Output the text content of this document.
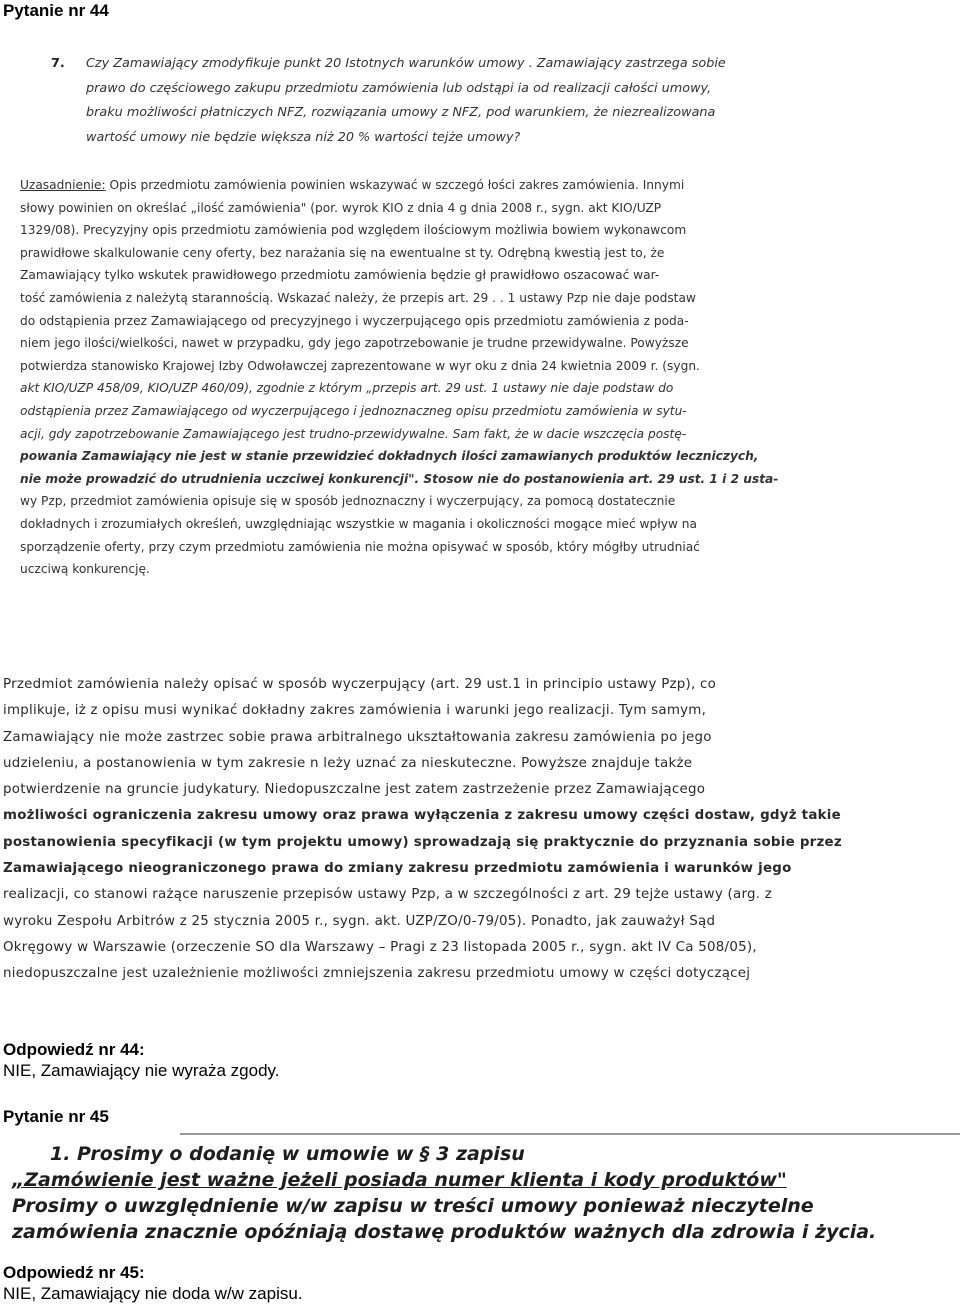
Pytanie nr 44
7.	Czy Zamawiający zmodyfikuje punkt 20 Istotnych warunków umowy . Zamawiający zastrzega sobie

prawo do częściowego zakupu przedmiotu zamówienia lub odstąpi ia od realizacji całości umowy,

braku możliwości płatniczych NFZ, rozwiązania umowy z NFZ, pod warunkiem, że niezrealizowana

wartość umowy nie będzie większa niż 20 % wartości tejże umowy?

Uzasadnienie: Opis przedmiotu zamówienia powinien wskazywać w szczegó łości zakres zamówienia. Innymi

słowy powinien on określać „ilość zamówienia" (por. wyrok KIO z dnia 4 g dnia 2008 r., sygn. akt KIO/UZP

1329/08). Precyzyjny opis przedmiotu zamówienia pod względem ilościowym możliwia bowiem wykonawcom

prawidłowe skalkulowanie ceny oferty, bez narażania się na ewentualne st ty. Odrębną kwestią jest to, że

Zamawiający tylko wskutek prawidłowego przedmiotu zamówienia będzie gł prawidłowo oszacować war-

tość zamówienia z należytą starannością. Wskazać należy, że przepis art. 29 . . 1 ustawy Pzp nie daje podstaw

do odstąpienia przez Zamawiającego od precyzyjnego i wyczerpującego opis przedmiotu zamówienia z poda-

niem jego ilości/wielkości, nawet w przypadku, gdy jego zapotrzebowanie je trudne przewidywalne. Powyższe

potwierdza stanowisko Krajowej Izby Odwoławczej zaprezentowane w wyr oku z dnia 24 kwietnia 2009 r. (sygn.

akt KIO/UZP 458/09, KIO/UZP 460/09), zgodnie z którym „przepis art. 29 ust. 1 ustawy nie daje podstaw do

odstąpienia przez Zamawiającego od wyczerpującego i jednoznaczneg opisu przedmiotu zamówienia w sytu-

acji, gdy zapotrzebowanie Zamawiającego jest trudno-przewidywalne. Sam fakt, że w dacie wszczęcia postę-

powania Zamawiający nie jest w stanie przewidzieć dokładnych ilości zamawianych produktów leczniczych,

nie może prowadzić do utrudnienia uczciwej konkurencji". Stosow nie do postanowienia art. 29 ust. 1 i 2 usta-

wy Pzp, przedmiot zamówienia opisuje się w sposób jednoznaczny i wyczerpujący, za pomocą dostatecznie

dokładnych i zrozumiałych określeń, uwzględniając wszystkie w magania i okoliczności mogące mieć wpływ na

sporządzenie oferty, przy czym przedmiotu zamówienia nie można opisywać w sposób, który mógłby utrudniać

uczciwą konkurencję.

Przedmiot zamówienia należy opisać w sposób wyczerpujący (art. 29 ust.1 in principio ustawy Pzp), co

implikuje, iż z opisu musi wynikać dokładny zakres zamówienia i warunki jego realizacji. Tym samym,

Zamawiający nie może zastrzec sobie prawa arbitralnego ukształtowania zakresu zamówienia po jego

udzieleniu, a postanowienia w tym zakresie n leży uznać za nieskuteczne. Powyższe znajduje także

potwierdzenie na gruncie judykatury. Niedopuszczalne jest zatem zastrzeżenie przez Zamawiającego

możliwości ograniczenia zakresu umowy oraz prawa wyłączenia z zakresu umowy części dostaw, gdyż takie

postanowienia specyfikacji (w tym projektu umowy) sprowadzają się praktycznie do przyznania sobie przez

Zamawiającego nieograniczonego prawa do zmiany zakresu przedmiotu zamówienia i warunków jego

realizacji, co stanowi rażące naruszenie przepisów ustawy Pzp, a w szczególności z art. 29 tejże ustawy (arg. z

wyroku Zespołu Arbitrów z 25 stycznia 2005 r., sygn. akt. UZP/ZO/0-79/05). Ponadto, jak zauważył Sąd

Okręgowy w Warszawie (orzeczenie SO dla Warszawy – Pragi z 23 listopada 2005 r., sygn. akt IV Ca 508/05),

niedopuszczalne jest uzależnienie możliwości zmniejszenia zakresu przedmiotu umowy w części dotyczącej

Odpowiedź nr 44:
NIE, Zamawiający nie wyraża zgody.
Pytanie nr 45

1. Prosimy o dodanię w umowie w § 3 zapisu

„Zamówienie jest ważne jeżeli posiada numer klienta i kody produktów"

Prosimy o uwzględnienie w/w zapisu w treści umowy ponieważ nieczytelne

zamówienia znacznie opóźniają dostawę produktów ważnych dla zdrowia i życia.

Odpowiedź nr 45:
NIE, Zamawiający nie doda w/w zapisu.
